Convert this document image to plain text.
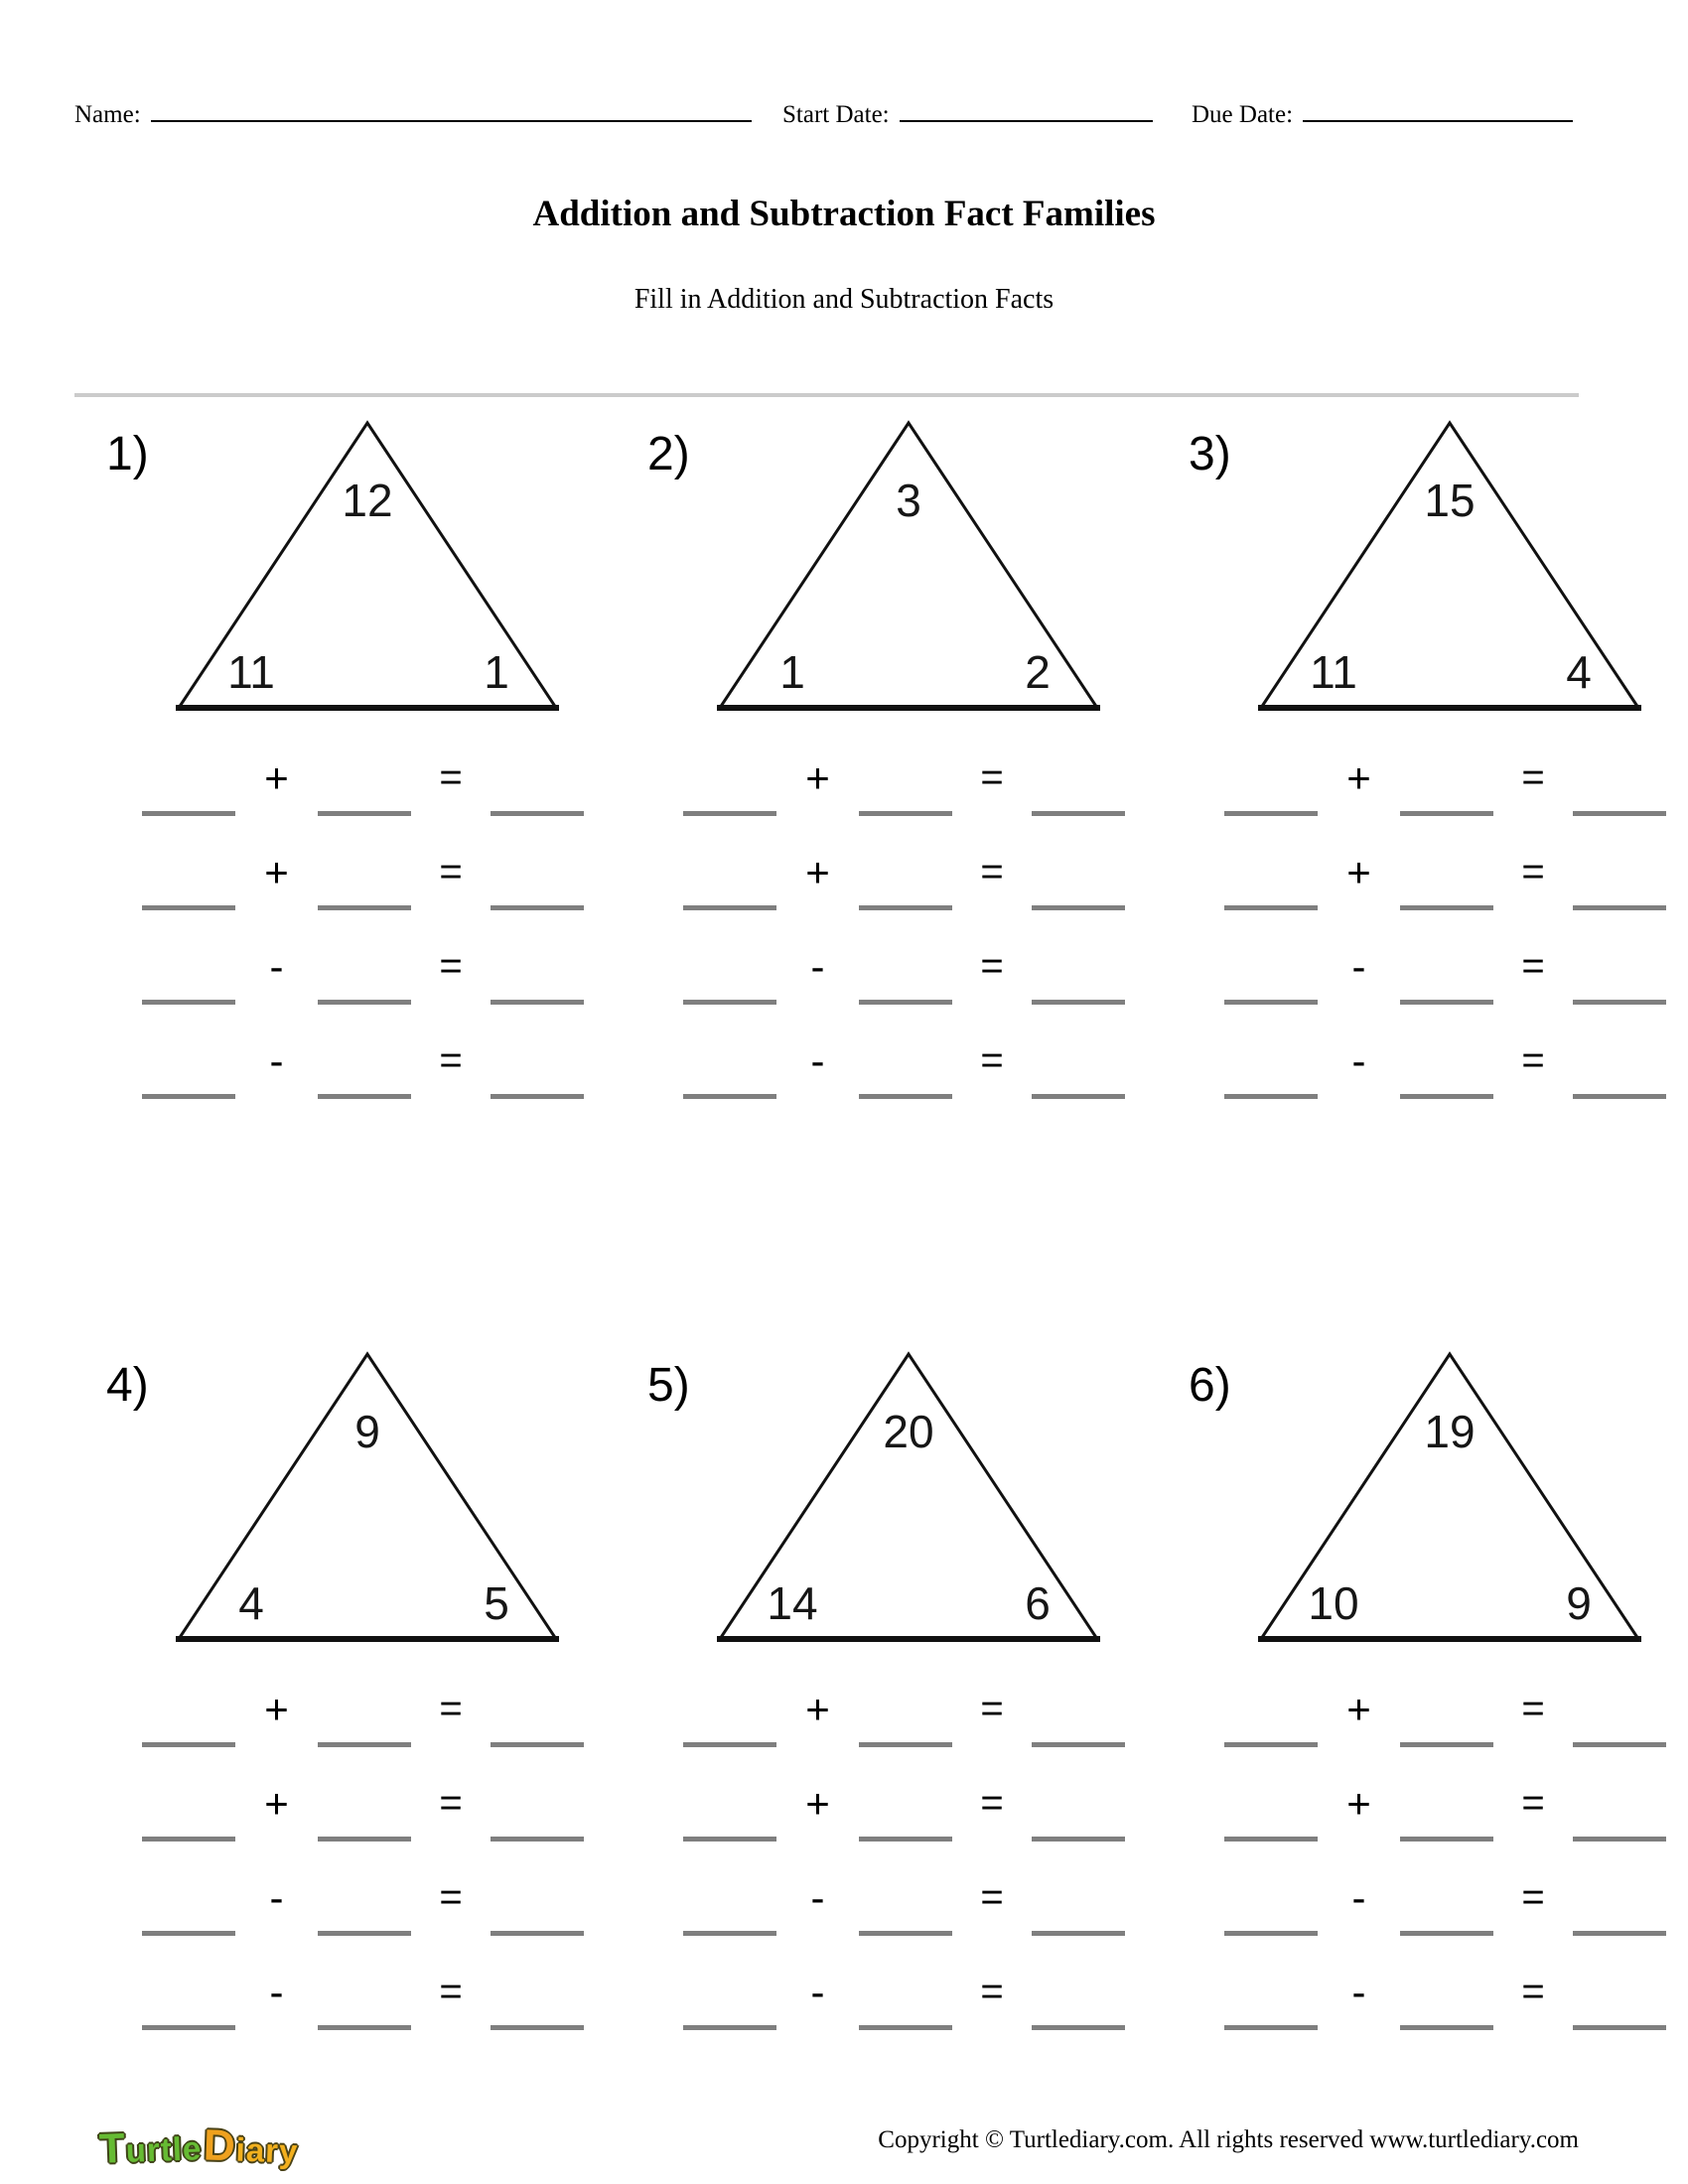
Name:	Start Date:	Due Date:
Addition and Subtraction Fact Families
Fill in Addition and Subtraction Facts
1)
12
11	1
+	=
+	=
-	=
-	=
2)
3
1	2
+	=
+	=
-	=
-	=
3)
15
11	4
+	=
+	=
-	=
-	=
4)
9
4	5
+	=
+	=
-	=
-	=
5)
20
14	6
+	=
+	=
-	=
-	=
6)
19
10	9
+	=
+	=
-	=
-	=
TurtleDiary	Copyright © Turtlediary.com. All rights reserved www.turtlediary.com
